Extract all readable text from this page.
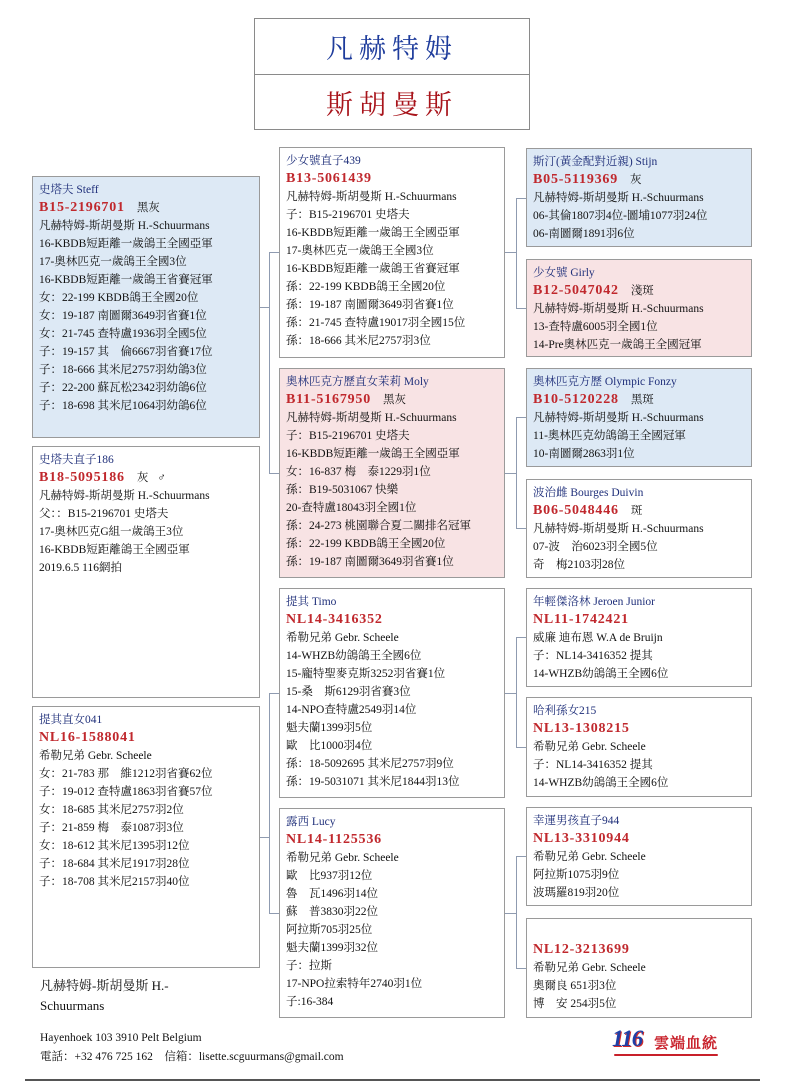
凡赫特姆
斯胡曼斯
史塔夫 Steff
B15-2196701 黑灰
凡赫特姆-斯胡曼斯 H.-Schuurmans
16-KBDB短距離一歲鴿王全國亞軍
17-奧林匹克一歲鴿王全國3位
16-KBDB短距離一歲鴿王省賽冠軍
女：22-199 KBDB鴿王全國20位
女：19-187 南圖爾3649羽省賽1位
女：21-745 查特盧1936羽全國5位
子：19-157 其　倫6667羽省賽17位
子：18-666 其米尼2757羽幼鴿3位
子：22-200 蘇瓦松2342羽幼鴿6位
子：18-698 其米尼1064羽幼鴿6位
史塔夫直子186
B18-5095186 灰 ♂
凡赫特姆-斯胡曼斯 H.-Schuurmans
父：：B15-2196701 史塔夫
17-奧林匹克G組一歲鴿王3位
16-KBDB短距離鴿王全國亞軍
2019.6.5 116網拍
提其直女041
NL16-1588041
希勒兄弟 Gebr. Scheele
女：21-783 那　維1212羽省賽62位
子：19-012 查特盧1863羽省賽57位
女：18-685 其米尼2757羽2位
子：21-859 梅　泰1087羽3位
女：18-612 其米尼1395羽12位
子：18-684 其米尼1917羽28位
子：18-708 其米尼2157羽40位
少女號直子439
B13-5061439
凡赫特姆-斯胡曼斯 H.-Schuurmans
子：B15-2196701 史塔夫
16-KBDB短距離一歲鴿王全國亞軍
17-奧林匹克一歲鴿王全國3位
16-KBDB短距離一歲鴿王省賽冠軍
孫：22-199 KBDB鴿王全國20位
孫：19-187 南圖爾3649羽省賽1位
孫：21-745 查特盧19017羽全國15位
孫：18-666 其米尼2757羽3位
奧林匹克方歷直女茉莉 Moly
B11-5167950 黑灰
凡赫特姆-斯胡曼斯 H.-Schuurmans
子：B15-2196701 史塔夫
16-KBDB短距離一歲鴿王全國亞軍
女：16-837 梅　泰1229羽1位
孫：B19-5031067 快樂
20-查特盧18043羽全國1位
孫：24-273 桃園聯合夏二關排名冠軍
孫：22-199 KBDB鴿王全國20位
孫：19-187 南圖爾3649羽省賽1位
提其 Timo
NL14-3416352
希勒兄弟 Gebr. Scheele
14-WHZB幼鴿鴿王全國6位
15-龐特聖麥克斯3252羽省賽1位
15-桑　斯6129羽省賽3位
14-NPO查特盧2549羽14位
魁夫蘭1399羽5位
歐　比1000羽4位
孫：18-5092695 其米尼2757羽9位
孫：19-5031071 其米尼1844羽13位
露西 Lucy
NL14-1125536
希勒兄弟 Gebr. Scheele
歐　比937羽12位
魯　瓦1496羽14位
蘇　普3830羽22位
阿拉斯705羽25位
魁夫蘭1399羽32位
子：拉斯
17-NPO拉索特年2740羽1位
子:16-384
斯汀(黃金配對近親) Stijn
B05-5119369 灰
凡赫特姆-斯胡曼斯 H.-Schuurmans
06-其倫1807羽4位-圖埔1077羽24位
06-南圖爾1891羽6位
少女號 Girly
B12-5047042 淺斑
凡赫特姆-斯胡曼斯 H.-Schuurmans
13-查特盧6005羽全國1位
14-Pre奧林匹克一歲鴿王全國冠軍
奧林匹克方歷 Olympic Fonzy
B10-5120228 黑斑
凡赫特姆-斯胡曼斯 H.-Schuurmans
11-奧林匹克幼鴿鴿王全國冠軍
10-南圖爾2863羽1位
波治雌 Bourges Duivin
B06-5048446 斑
凡赫特姆-斯胡曼斯 H.-Schuurmans
07-波　治6023羽全國5位
奇　梅2103羽28位
年輕傑洛林 Jeroen Junior
NL11-1742421
威廉 迪布恩 W.A de Bruijn
子：NL14-3416352 提其
14-WHZB幼鴿鴿王全國6位
哈利孫女215
NL13-1308215
希勒兄弟 Gebr. Scheele
子：NL14-3416352 提其
14-WHZB幼鴿鴿王全國6位
幸運男孩直子944
NL13-3310944
希勒兄弟 Gebr. Scheele
阿拉斯1075羽9位
波瑪羅819羽20位
NL12-3213699
希勒兄弟 Gebr. Scheele
奧爾良 651羽3位
博　安 254羽5位
凡赫特姆-斯胡曼斯 H.-
Schuurmans
Hayenhoek 103 3910 Pelt Belgium
電話：+32 476 725 162　信箱：lisette.scguurmans@gmail.com
116 雲端血統
